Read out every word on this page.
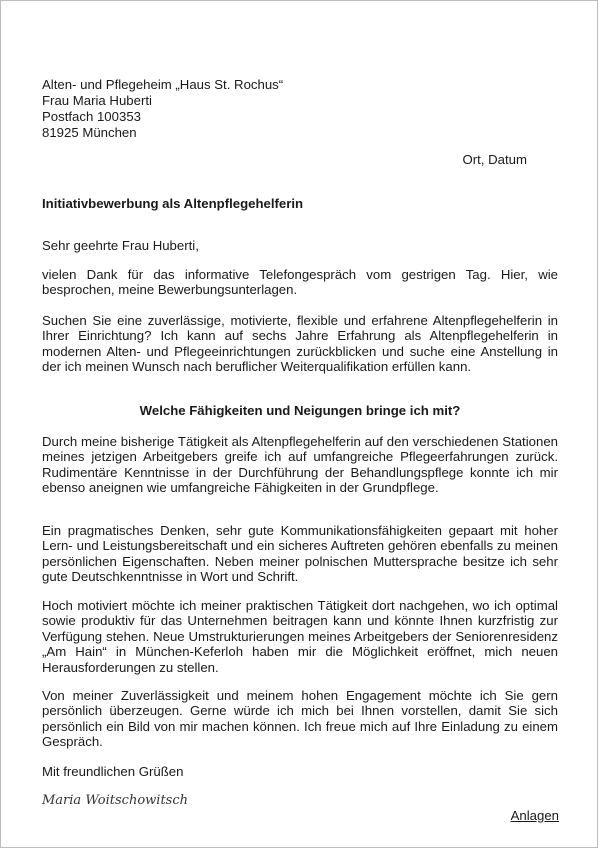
Alten- und Pflegeheim „Haus St. Rochus“
Frau Maria Huberti
Postfach 100353
81925 München
Ort, Datum
Initiativbewerbung als Altenpflegehelferin
Sehr geehrte Frau Huberti,

vielen Dank für das informative Telefongespräch vom gestrigen Tag. Hier, wie besprochen, meine Bewerbungsunterlagen.

Suchen Sie eine zuverlässige, motivierte, flexible und erfahrene Altenpflegehelferin in Ihrer Einrichtung? Ich kann auf sechs Jahre Erfahrung als Altenpflegehelferin in modernen Alten- und Pflegeeinrichtungen zurückblicken und suche eine Anstellung in der ich meinen Wunsch nach beruflicher Weiterqualifikation erfüllen kann.

Welche Fähigkeiten und Neigungen bringe ich mit?

Durch meine bisherige Tätigkeit als Altenpflegehelferin auf den verschiedenen Stationen meines jetzigen Arbeitgebers greife ich auf umfangreiche Pflegeerfahrungen zurück. Rudimentäre Kenntnisse in der Durchführung der Behandlungspflege konnte ich mir ebenso aneignen wie umfangreiche Fähigkeiten in der Grundpflege.

Ein pragmatisches Denken, sehr gute Kommunikationsfähigkeiten gepaart mit hoher Lern- und Leistungsbereitschaft und ein sicheres Auftreten gehören ebenfalls zu meinen persönlichen Eigenschaften. Neben meiner polnischen Muttersprache besitze ich sehr gute Deutschkenntnisse in Wort und Schrift.

Hoch motiviert möchte ich meiner praktischen Tätigkeit dort nachgehen, wo ich optimal sowie produktiv für das Unternehmen beitragen kann und könnte Ihnen kurzfristig zur Verfügung stehen. Neue Umstrukturierungen meines Arbeitgebers der Seniorenresidenz „Am Hain“ in München-Keferloh haben mir die Möglichkeit eröffnet, mich neuen Herausforderungen zu stellen.

Von meiner Zuverlässigkeit und meinem hohen Engagement möchte ich Sie gern persönlich überzeugen. Gerne würde ich mich bei Ihnen vorstellen, damit Sie sich persönlich ein Bild von mir machen können. Ich freue mich auf Ihre Einladung zu einem Gespräch.

Mit freundlichen Grüßen
Maria Woitschowitsch
Anlagen
